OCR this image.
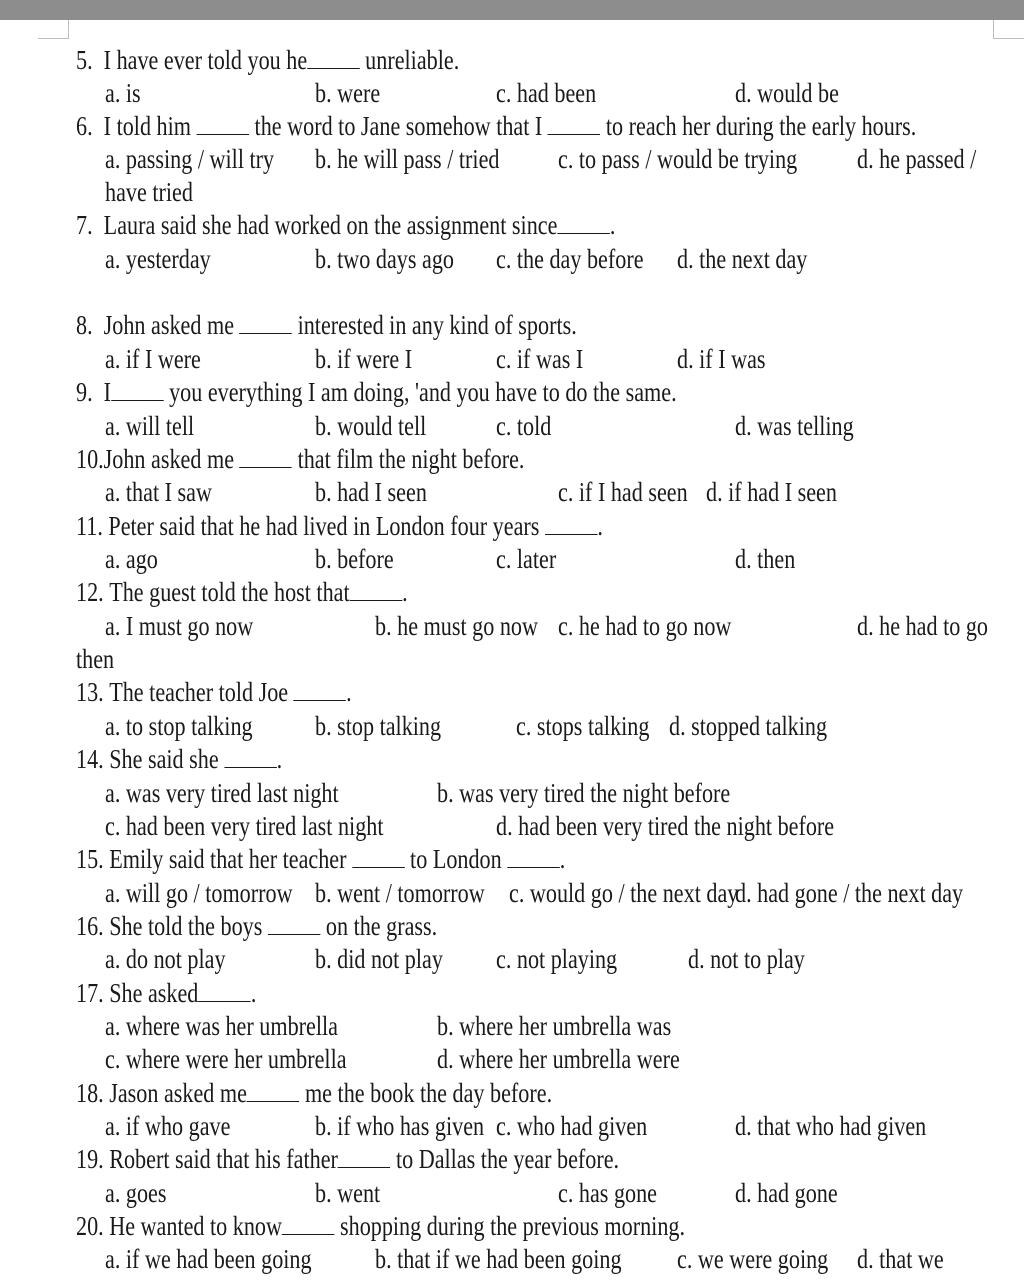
5. I have ever told you he unreliable.
a. is	b. were	c. had been	d. would be
6. I told him the word to Jane somehow that I to reach her during the early hours.
a. passing / will try b. he will pass / tried c. to pass / would be trying d. he passed /
have tried
7. Laura said she had worked on the assignment since .
a. yesterday	b. two days ago c. the day before d. the next day
8. John asked me interested in any kind of sports.
a. if I were	b. if were I	c. if was I	d. if I was
9. I you everything I am doing, 'and you have to do the same.
a. will tell	b. would tell	c. told	d. was telling
10.John asked me that film the night before.
a. that I saw	b. had I seen	c. if I had seen d. if had I seen
11. Peter said that he had lived in London four years .
a. ago	b. before	c. later	d. then
12. The guest told the host that .
a. I must go now	b. he must go now c. he had to go now	d. he had to go
then
13. The teacher told Joe .
a. to stop talking b. stop talking	c. stops talking d. stopped talking
14. She said she .
a. was very tired last night	b. was very tired the night before
c. had been very tired last night	d. had been very tired the night before
15. Emily said that her teacher to London .
a. will go / tomorrow b. went / tomorrow c. would go / the next day
d. had gone / the next day
16. She told the boys on the grass.
a. do not play	b. did not play c. not playing	d. not to play
17. She asked .
a. where was her umbrella	b. where her umbrella was
c. where were her umbrella	d. where her umbrella were
18. Jason asked me me the book the day before.
a. if who gave	b. if who has given c. who had given	d. that who had given
19. Robert said that his father to Dallas the year before.
a. goes	b. went	c. has gone	d. had gone
20. He wanted to know shopping during the previous morning.
a. if we had been going b. that if we had been going c. we were going d. that we
